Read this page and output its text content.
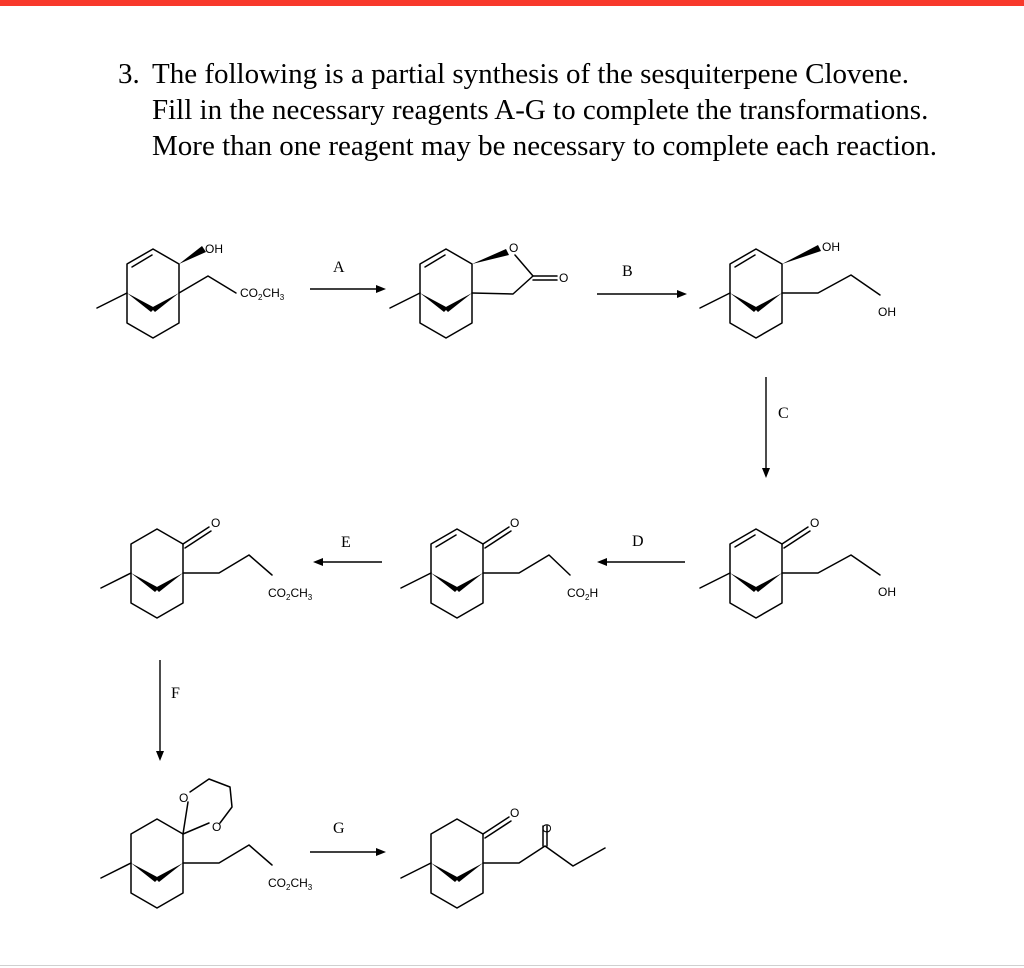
3. The following is a partial synthesis of the sesquiterpene Clovene. Fill in the necessary reagents A-G to complete the transformations. More than one reagent may be necessary to complete each reaction.
OH
$CO_2CH_3$
A
O
O	B
OH
OH
C
O
OH
D
O
$CO_2H$
E
O
$CO_2CH_3$
F
O
O
$CO_2CH_3$
G
O
O
